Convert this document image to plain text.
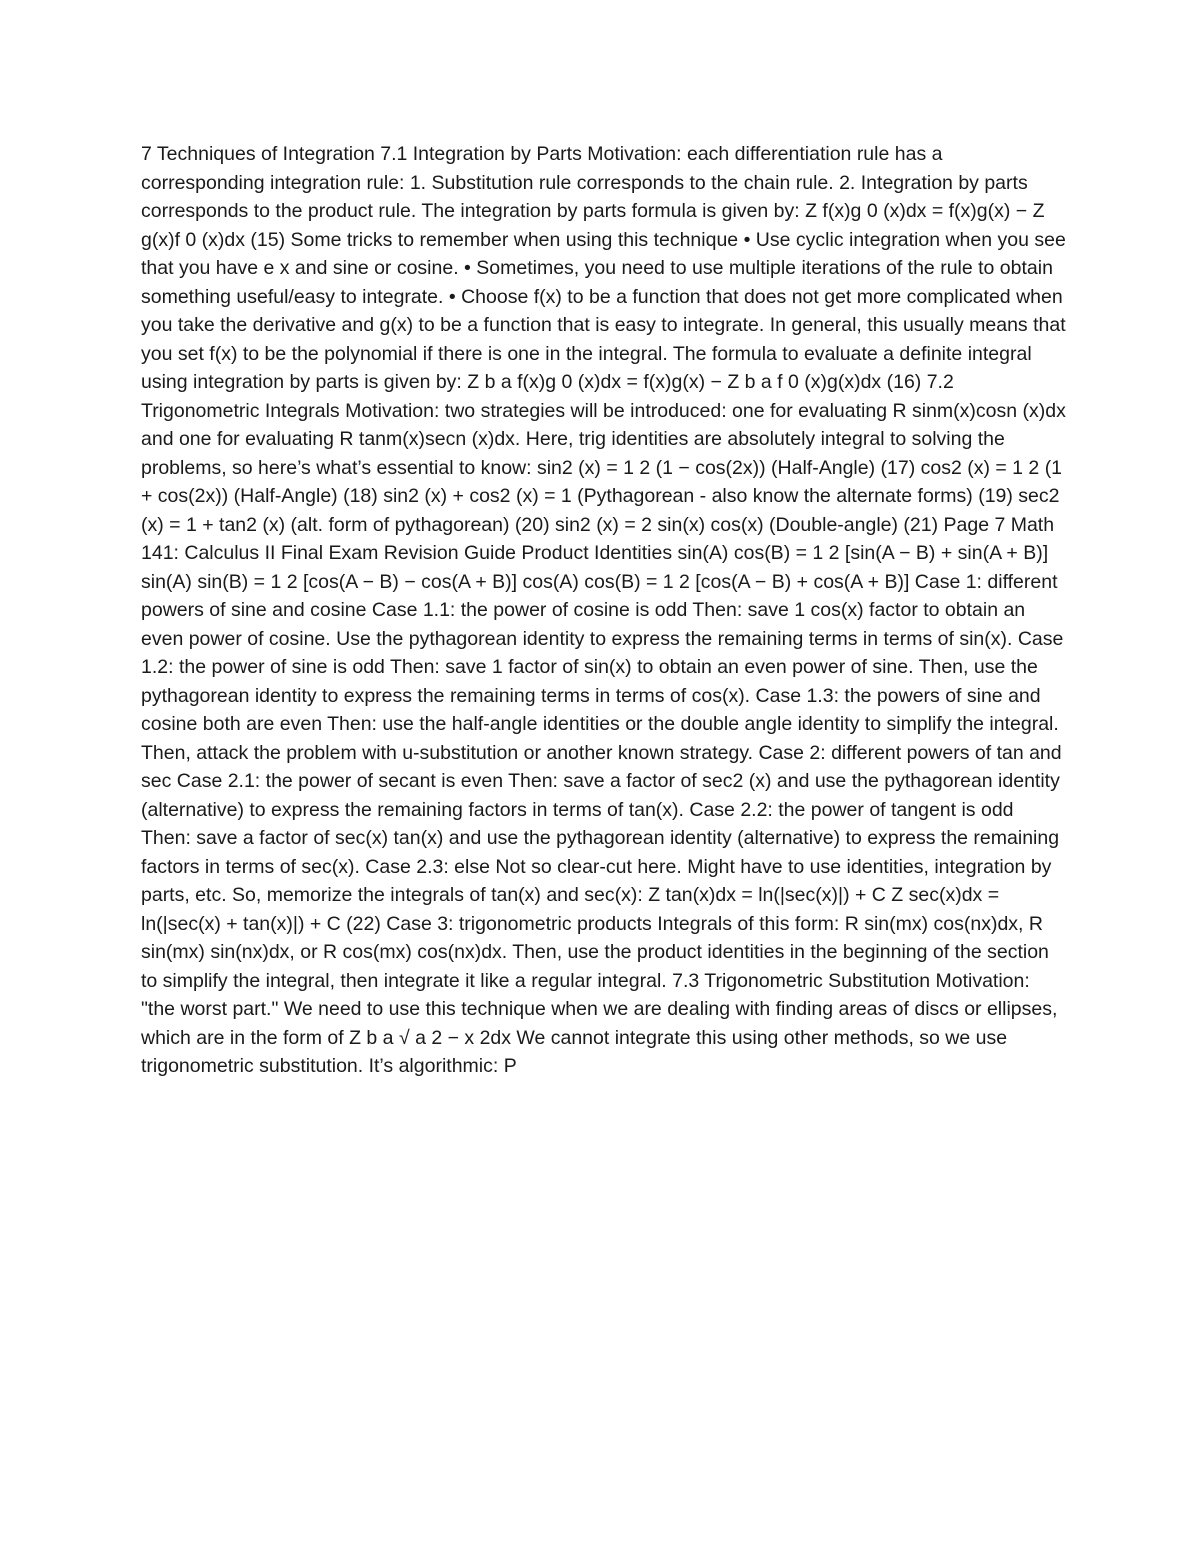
7 Techniques of Integration 7.1 Integration by Parts Motivation: each differentiation rule has a corresponding integration rule: 1. Substitution rule corresponds to the chain rule. 2. Integration by parts corresponds to the product rule. The integration by parts formula is given by: Z f(x)g 0 (x)dx = f(x)g(x) − Z g(x)f 0 (x)dx (15) Some tricks to remember when using this technique • Use cyclic integration when you see that you have e x and sine or cosine. • Sometimes, you need to use multiple iterations of the rule to obtain something useful/easy to integrate. • Choose f(x) to be a function that does not get more complicated when you take the derivative and g(x) to be a function that is easy to integrate. In general, this usually means that you set f(x) to be the polynomial if there is one in the integral. The formula to evaluate a definite integral using integration by parts is given by: Z b a f(x)g 0 (x)dx = f(x)g(x) − Z b a f 0 (x)g(x)dx (16) 7.2 Trigonometric Integrals Motivation: two strategies will be introduced: one for evaluating R sinm(x)cosn (x)dx and one for evaluating R tanm(x)secn (x)dx. Here, trig identities are absolutely integral to solving the problems, so here’s what’s essential to know: sin2 (x) = 1 2 (1 − cos(2x)) (Half-Angle) (17) cos2 (x) = 1 2 (1 + cos(2x)) (Half-Angle) (18) sin2 (x) + cos2 (x) = 1 (Pythagorean - also know the alternate forms) (19) sec2 (x) = 1 + tan2 (x) (alt. form of pythagorean) (20) sin2 (x) = 2 sin(x) cos(x) (Double-angle) (21) Page 7 Math 141: Calculus II Final Exam Revision Guide Product Identities sin(A) cos(B) = 1 2 [sin(A − B) + sin(A + B)] sin(A) sin(B) = 1 2 [cos(A − B) − cos(A + B)] cos(A) cos(B) = 1 2 [cos(A − B) + cos(A + B)] Case 1: different powers of sine and cosine Case 1.1: the power of cosine is odd Then: save 1 cos(x) factor to obtain an even power of cosine. Use the pythagorean identity to express the remaining terms in terms of sin(x). Case 1.2: the power of sine is odd Then: save 1 factor of sin(x) to obtain an even power of sine. Then, use the pythagorean identity to express the remaining terms in terms of cos(x). Case 1.3: the powers of sine and cosine both are even Then: use the half-angle identities or the double angle identity to simplify the integral. Then, attack the problem with u-substitution or another known strategy. Case 2: different powers of tan and sec Case 2.1: the power of secant is even Then: save a factor of sec2 (x) and use the pythagorean identity (alternative) to express the remaining factors in terms of tan(x). Case 2.2: the power of tangent is odd Then: save a factor of sec(x) tan(x) and use the pythagorean identity (alternative) to express the remaining factors in terms of sec(x). Case 2.3: else Not so clear-cut here. Might have to use identities, integration by parts, etc. So, memorize the integrals of tan(x) and sec(x): Z tan(x)dx = ln(|sec(x)|) + C Z sec(x)dx = ln(|sec(x) + tan(x)|) + C (22) Case 3: trigonometric products Integrals of this form: R sin(mx) cos(nx)dx, R sin(mx) sin(nx)dx, or R cos(mx) cos(nx)dx. Then, use the product identities in the beginning of the section to simplify the integral, then integrate it like a regular integral. 7.3 Trigonometric Substitution Motivation: "the worst part." We need to use this technique when we are dealing with finding areas of discs or ellipses, which are in the form of Z b a √ a 2 − x 2dx We cannot integrate this using other methods, so we use trigonometric substitution. It’s algorithmic: P
